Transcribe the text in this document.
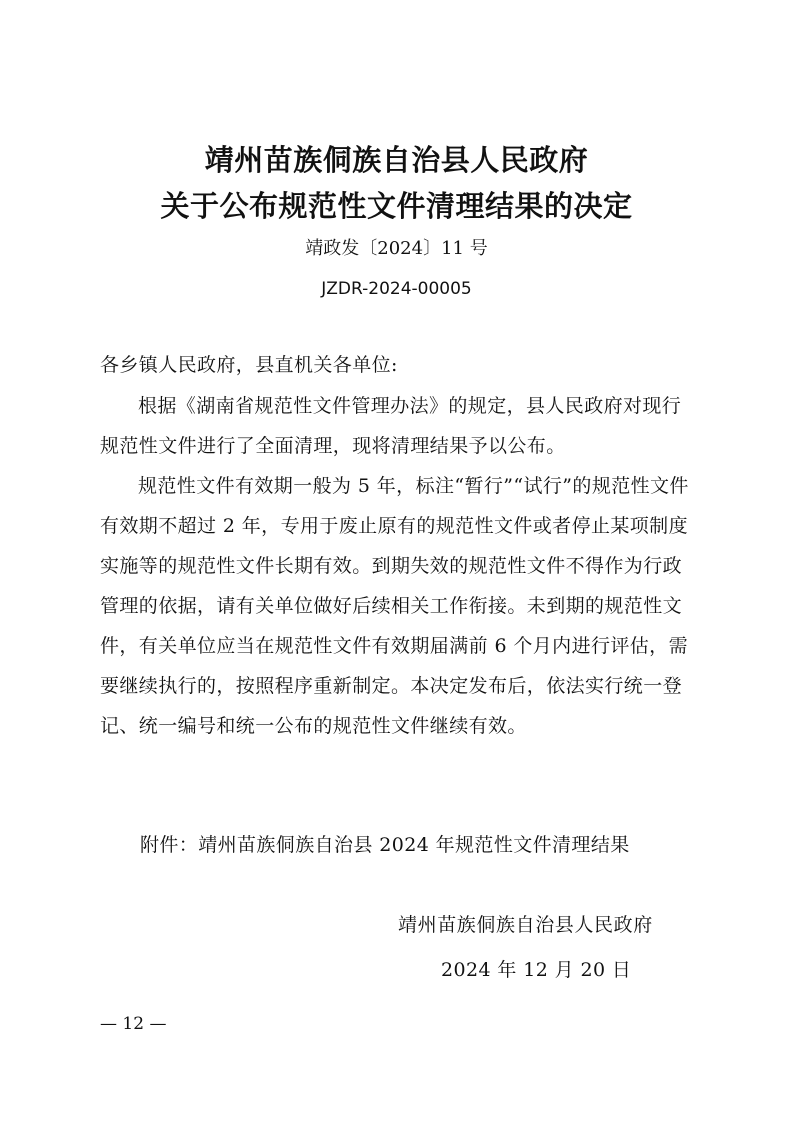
靖州苗族侗族自治县人民政府
关于公布规范性文件清理结果的决定
靖政发〔2024〕11 号
JZDR-2024-00005
各乡镇人民政府，县直机关各单位:
根据《湖南省规范性文件管理办法》的规定，县人民政府对现行规范性文件进行了全面清理，现将清理结果予以公布。
规范性文件有效期一般为 5 年，标注“暂行”“试行”的规范性文件有效期不超过 2 年，专用于废止原有的规范性文件或者停止某项制度实施等的规范性文件长期有效。到期失效的规范性文件不得作为行政管理的依据，请有关单位做好后续相关工作衔接。未到期的规范性文件，有关单位应当在规范性文件有效期届满前 6 个月内进行评估，需要继续执行的，按照程序重新制定。本决定发布后，依法实行统一登记、统一编号和统一公布的规范性文件继续有效。
附件：靖州苗族侗族自治县 2024 年规范性文件清理结果
靖州苗族侗族自治县人民政府
2024 年 12 月 20 日
— 12 —
